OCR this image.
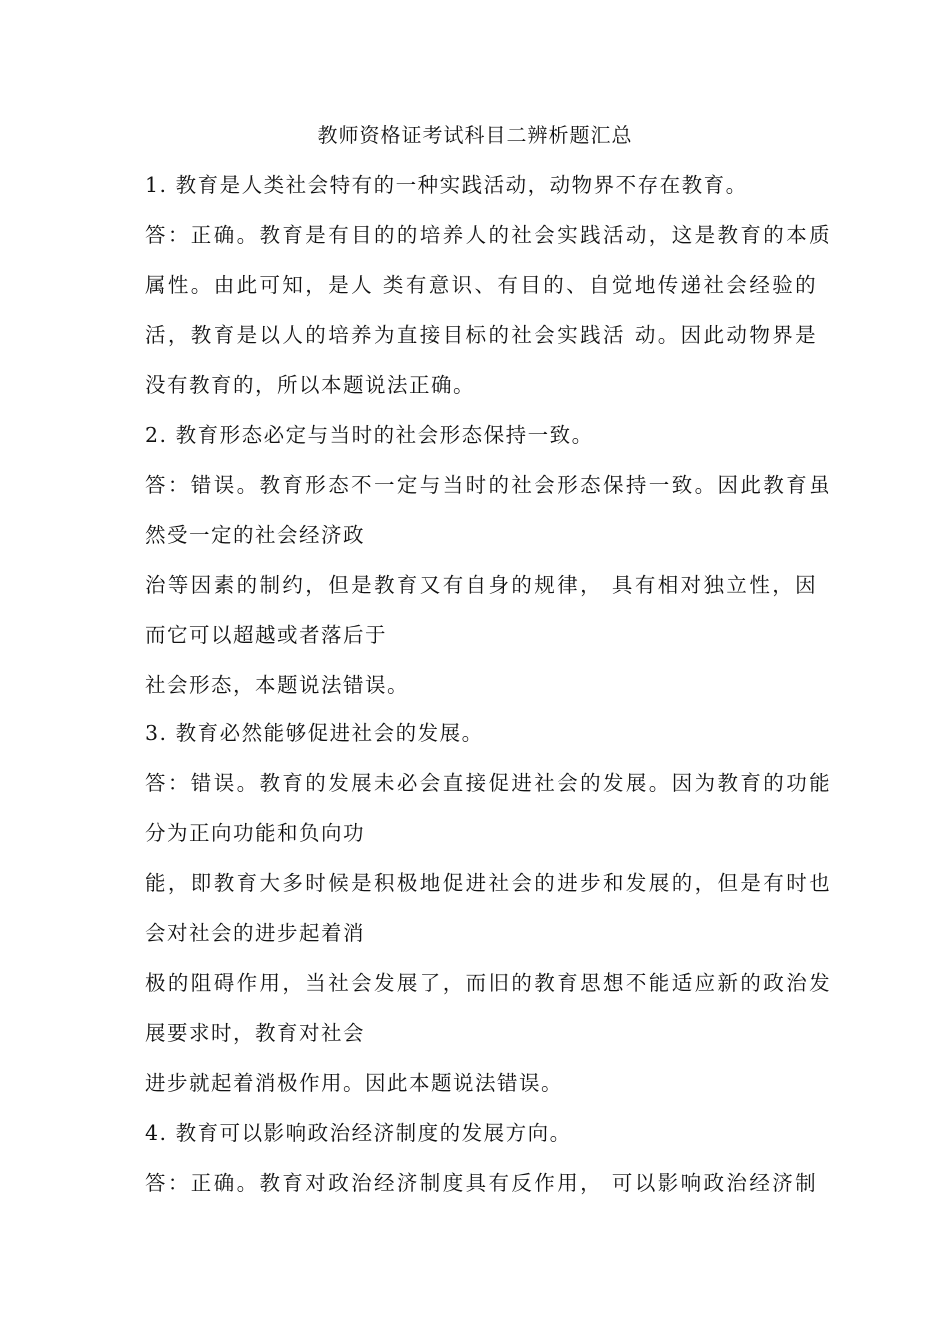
教师资格证考试科目二辨析题汇总
1. 教育是人类社会特有的一种实践活动，动物界不存在教育。
答：正确。教育是有目的的培养人的社会实践活动，这是教育的本质
属性。由此可知，是人 类有意识、有目的、自觉地传递社会经验的
活，教育是以人的培养为直接目标的社会实践活 动。因此动物界是
没有教育的，所以本题说法正确。
2. 教育形态必定与当时的社会形态保持一致。
答：错误。教育形态不一定与当时的社会形态保持一致。因此教育虽
然受一定的社会经济政
治等因素的制约，但是教育又有自身的规律， 具有相对独立性，因
而它可以超越或者落后于
社会形态，本题说法错误。
3. 教育必然能够促进社会的发展。
答：错误。教育的发展未必会直接促进社会的发展。因为教育的功能
分为正向功能和负向功
能，即教育大多时候是积极地促进社会的进步和发展的，但是有时也
会对社会的进步起着消
极的阻碍作用，当社会发展了，而旧的教育思想不能适应新的政治发
展要求时，教育对社会
进步就起着消极作用。因此本题说法错误。
4. 教育可以影响政治经济制度的发展方向。
答：正确。教育对政治经济制度具有反作用， 可以影响政治经济制
